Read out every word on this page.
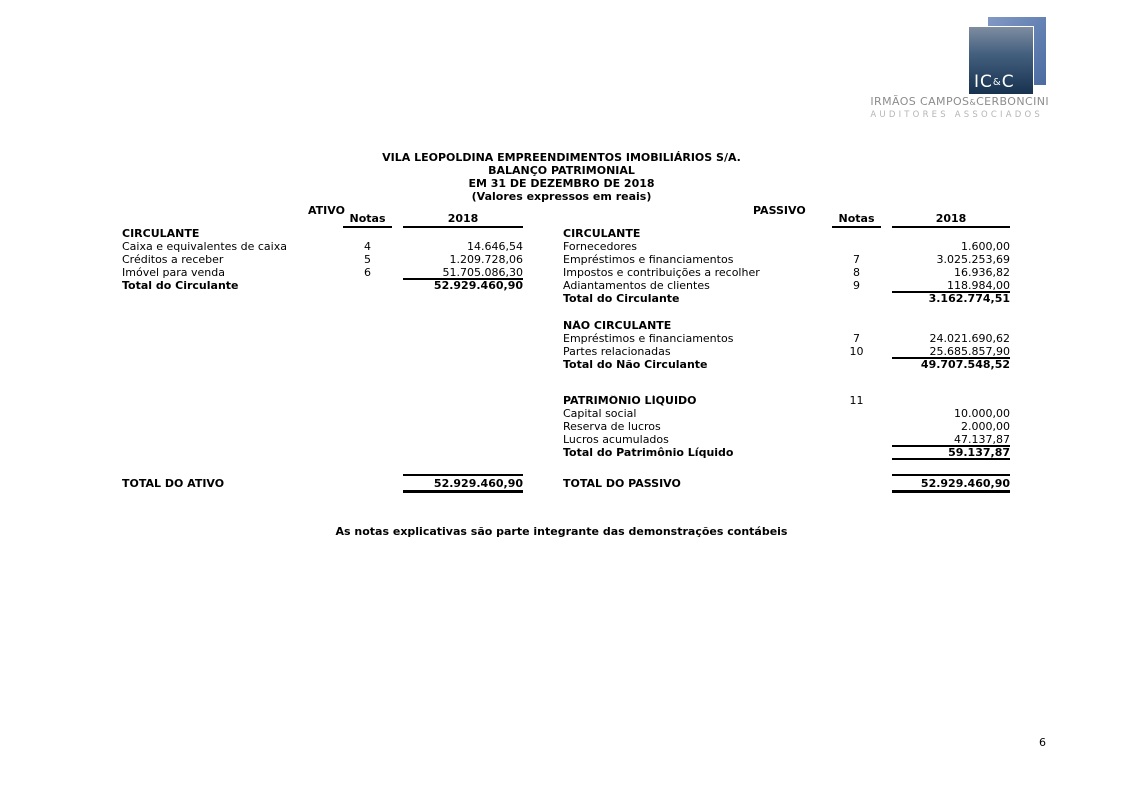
IC&C
IRMÃOS CAMPOS&CERBONCINI
AUDITORES ASSOCIADOS
VILA LEOPOLDINA EMPREENDIMENTOS IMOBILIÁRIOS S/A.
BALANÇO PATRIMONIAL
EM 31 DE DEZEMBRO DE 2018
(Valores expressos em reais)
ATIVO	PASSIVO
Notas	2018
CIRCULANTE
Caixa e equivalentes de caixa	4	14.646,54
Créditos a receber	5	1.209.728,06
Imóvel para venda	6	51.705.086,30
Total do Circulante	52.929.460,90
TOTAL DO ATIVO	52.929.460,90
Notas	2018
CIRCULANTE
Fornecedores	1.600,00
Empréstimos e financiamentos	7	3.025.253,69
Impostos e contribuições a recolher	8	16.936,82
Adiantamentos de clientes	9	118.984,00
Total do Circulante	3.162.774,51
NÃO CIRCULANTE
Empréstimos e financiamentos	7	24.021.690,62
Partes relacionadas	10	25.685.857,90
Total do Não Circulante	49.707.548,52
PATRIMÔNIO LÍQUIDO	11
Capital social	10.000,00
Reserva de lucros	2.000,00
Lucros acumulados	47.137,87
Total do Patrimônio Líquido	59.137,87
TOTAL DO PASSIVO	52.929.460,90
As notas explicativas são parte integrante das demonstrações contábeis
6
